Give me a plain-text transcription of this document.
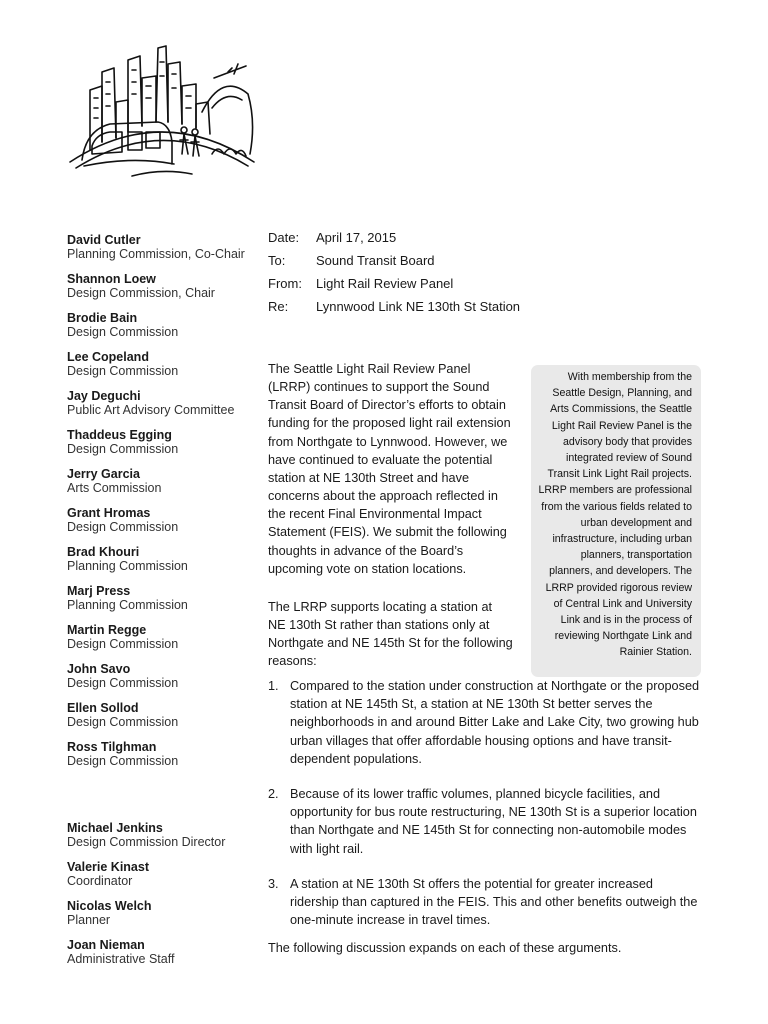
David Cutler
Planning Commission, Co-Chair
Shannon Loew
Design Commission, Chair
Brodie Bain
Design Commission
Lee Copeland
Design Commission
Jay Deguchi
Public Art Advisory Committee
Thaddeus Egging
Design Commission
Jerry Garcia
Arts Commission
Grant Hromas
Design Commission
Brad Khouri
Planning Commission
Marj Press
Planning Commission
Martin Regge
Design Commission
John Savo
Design Commission
Ellen Sollod
Design Commission
Ross Tilghman
Design Commission
Michael Jenkins
Design Commission Director
Valerie Kinast
Coordinator
Nicolas Welch
Planner
Joan Nieman
Administrative Staff
Date:	April 17, 2015
To:	Sound Transit Board
From:	Light Rail Review Panel
Re:	Lynnwood Link NE 130th St Station

The Seattle Light Rail Review Panel (LRRP) continues to support the Sound Transit Board of Director’s efforts to obtain funding for the proposed light rail extension from Northgate to Lynnwood. However, we have continued to evaluate the potential station at NE 130th Street and have concerns about the approach reflected in the recent Final Environmental Impact Statement (FEIS). We submit the following thoughts in advance of the Board’s upcoming vote on station locations.

The LRRP supports locating a station at NE 130th St rather than stations only at Northgate and NE 145th St for the following reasons:

With membership from the Seattle Design, Planning, and Arts Commissions, the Seattle Light Rail Review Panel is the advisory body that provides integrated review of Sound Transit Link Light Rail projects. LRRP members are professional from the various fields related to urban development and infrastructure, including urban planners, transportation planners, and developers. The LRRP provided rigorous review of Central Link and University Link and is in the process of reviewing Northgate Link and Rainier Station.
1. Compared to the station under construction at Northgate or the proposed station at NE 145th St, a station at NE 130th St better serves the neighborhoods in and around Bitter Lake and Lake City, two growing hub urban villages that offer affordable housing options and have transit-dependent populations.
2. Because of its lower traffic volumes, planned bicycle facilities, and opportunity for bus route restructuring, NE 130th St is a superior location than Northgate and NE 145th St for connecting non-automobile modes with light rail.
3. A station at NE 130th St offers the potential for greater increased ridership than captured in the FEIS. This and other benefits outweigh the one-minute increase in travel times.
The following discussion expands on each of these arguments.
